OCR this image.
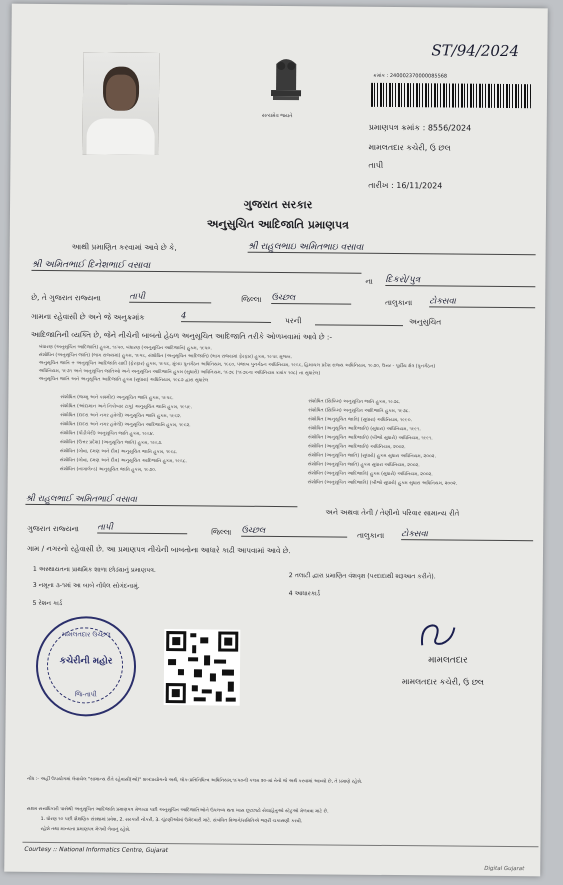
ST/94/2024
સત્યમેવ જયતે
ક્રમાંક : 240002370000085568
પ્રમાણપત્ર ક્રમાંક : 8556/2024
મામલતદાર કચેરી, ઉ્ર છલ
તાપી
તારીખ : 16/11/2024
ગુજરાત સરકાર
અનુસુચિત આદિજાતિ પ્રમાણપત્ર
આથી પ્રમાણિત કરવામાં આવે છે કે,	શ્રી રાહુલભાઇ અમિતભાઇ વસાવા
શ્રી અમિતભાઈ દિનેશભાઈ વસાવા
ના દિકરો/પુત્ર
છે, તે ગુજરાત રાજ્યના	તાપી	જિલ્લા ઉચ્છલ	તાલુકાના ટોક્સવા
ગામના રહેવાસી છે અને જે અનુક્રમાંક	4	પરની	અનુસુચિત
આદિજાતિની વ્યક્તિ છે, જેને નીચેની બાબતો હેઠળ અનુસૂચિત આદિજાતિ તરીકે ઓળખવામાં આવે છે :-
બંધારણ (અનુસૂચિત આદિજાતિ) હુકમ, ૧૯૫૦, બંધારણ (અનુસૂચિત આદિજાતિ) હુકમ, ૧૯૫૦.
સંશોધિત (અનુસૂચિત જાતિ) (ભાગ રાજ્યમાં) હુકમ, ૧૯૫૬, સંશોધિત (અનુસૂચિત આદિજાતિ) (ભાગ રાજ્યમાં ફેરફાર) હુકમ, ૧૯૫૬ મુજબ.
અનુસૂચિત જાતિ + અનુસૂચિત આદિજાતિ યાદી (ફેરફાર) હુકમ, ૧૯૫૬, મુંબઇ પુનર્ગઠન અધિનિયમ, ૧૯૬૦, પંજાબ પુનર્ગઠન અધિનિયમ, ૧૯૬૬, હિમાચલ પ્રદેશ રાજ્ય અધિનિયમ, ૧૯૭૦, ઉત્તર - પૂર્વીય ક્ષેત્ર (પુનર્ગઠન)
અધિનિયમ, ૧૯૭૧ અને અનુસૂચિત જાતિઓ અને અનુસૂચિત આદિજાતિ હુકમ (સુધારો) અધિનિયમ, ૧૯૭૬ (૧૯૭૬ના અધિનિયમ ક્રમાંક ૧૦૮) ના સુધારેલ)
અનુસૂચિત જાતિ અને અનુસૂચિત આદિજાતિ હુકમ (સુધારા) અધિનિયમ, ૧૯૮૭ દ્વારા સુધારેલ
સંશોધિત (જમ્મુ અને કાશ્મીર) અનુસૂચિત જાતિ હુકમ, ૧૯૫૬.
સંશોધિત (આંદામાન અને નિકોબાર ટાપુ) અનુસૂચિત જાતિ હુકમ, ૧૯૫૯.
સંશોધિત (દાદરા અને નગર હવેલી) અનુસૂચિત જાતિ હુકમ, ૧૯૬૨.
સંશોધિત (દાદરા અને નગર હવેલી) અનુસૂચિત આદિજાતિ હુકમ, ૧૯૬૨.
સંશોધિત (પોંડીચેરી) અનુસૂચિત જાતિ હુકમ, ૧૯૬૪.
સંશોધિત (ઉત્તર પ્રદેશ) (અનુસૂચિત જાતિ) હુકમ, ૧૯૬૭.
સંશોધિત (ગોવા, દમણ અને દીવ) અનુસૂચિત જાતિ હુકમ, ૧૯૬૮.
સંશોધિત (ગોવા, દમણ અને દીવ) અનુસૂચિત આદિજાતિ હુકમ, ૧૯૬૮.
સંશોધિત (નાગાલેન્ડ) અનુસૂચિત જાતિ હુકમ, ૧૯૭૦.
સંશોધિત (સિક્કિમ) અનુસૂચિત જાતિ હુકમ, ૧૯૭૮.
સંશોધિત (સિક્કિમ) અનુસૂચિત આદિજાતિ હુકમ, ૧૯૭૮.
સંશોધિત (અનુસૂચિત જાતિ) (સુધારા) અધિનિયમ, ૧૯૯૦.
સંશોધિત (અનુસૂચિત આદિજાતિ) (સુધારા) અધિનિયમ, ૧૯૯૧.
સંશોધિત (અનુસૂચિત આદિજાતિ) (બીજો સુધારો) અધિનિયમ, ૧૯૯૧.
સંશોધિત (અનુસૂચિત આદિજાતિ) અધિનિયમ, ૨૦૦૨.
સંશોધિત (અનુસૂચિત જાતિ) (સુધારો) હુકમ સુધારા અધિનિયમ, ૨૦૦૨.
સંશોધિત (અનુસૂચિત જાતિ) હુકમ સુધારા અધિનિયમ, ૨૦૦૨.
સંશોધિત (અનુસૂચિત આદિજાતિ) હુકમ (સુધારો) અધિનિયમ, ૨૦૦૨.
સંશોધિત (અનુસૂચિત આદિજાતિ) (બીજો સુધારો) હુકમ સુધારા અધિનિયમ, ૨૦૦૨.
શ્રી રાહુલભાઈ અમિતભાઈ વસાવા
અને અથવા તેની / તેણીનો પરિવાર સામાન્ય રીતે
ગુજરાત રાજ્યના તાપી	જિલ્લા ઉચ્છલ	તાલુકાના ટોક્સવા
ગામ / નગરનો રહેવાસી છે. આ પ્રમાણપત્ર નીચેની બાબતોના આધારે કાઢી આપવામાં આવે છે.
1 અસ્થાયતના પ્રાથમિક શાળા છોડ્યાનું પ્રમાણપત્ર.
2 તલાટી દ્વારા પ્રમાણિત વંશવૃક્ષ (પરદાદાથી શરૂઆત કરીને).
3 નમૂના ૩-૧માં આ બાબે નોંધેલ સોગંદનામું.
4 આધારકાર્ડ
5 રેશન કાર્ડ
મામલતદાર ઉચ્છલ
કચેરીની મહોર
જિ-તાપી
મામલતદાર
મામલતદાર કચેરી, ઉ્ર છલ
નોંધ :- અહીં ઉપયોગમાં લેવાયેલ "સામાન્ય રીતે રહેવાસી(ઓ)" શબ્દપ્રયોગનો અર્થ, લોક-પ્રતિનિધિત્વ અધિનિયમ,૧૯૫૦ની કલમ ૨૦-માં તેનો જે અર્થ કરવામાં આવ્યો છે, તે પ્રમાણે રહેશે.
સક્ષમ સત્તાધિકારી પાસેથી અનુસૂચિત આદિજાતિ પ્રમાણપત્ર મેળવ્યા પછી અનુસૂચિત આદિજાતિઓને ઉપલબ્ધ થતા ખાસ છૂટછાટો સેવા/હેતુઓ સ્ટેટુઓ મેળવવા માટે છે.
1. ધોરણ ૧૦ પછી શૈક્ષણિક સંસ્થામાં પ્રવેશ, 2. સરકારી નોકરી, 3. ચૂંટણીઓમાં ઉમેદવારી માટે. સંબંધિત વિભાગે/સમિતિએ જરૂરી ચકાસણી કરવી.
રહેશે તથા માન્યતા પ્રમાણપત્ર મેળવી લેવાનું રહેશે.
Courtesy :: National Informatics Centre, Gujarat
Digital Gujarat
